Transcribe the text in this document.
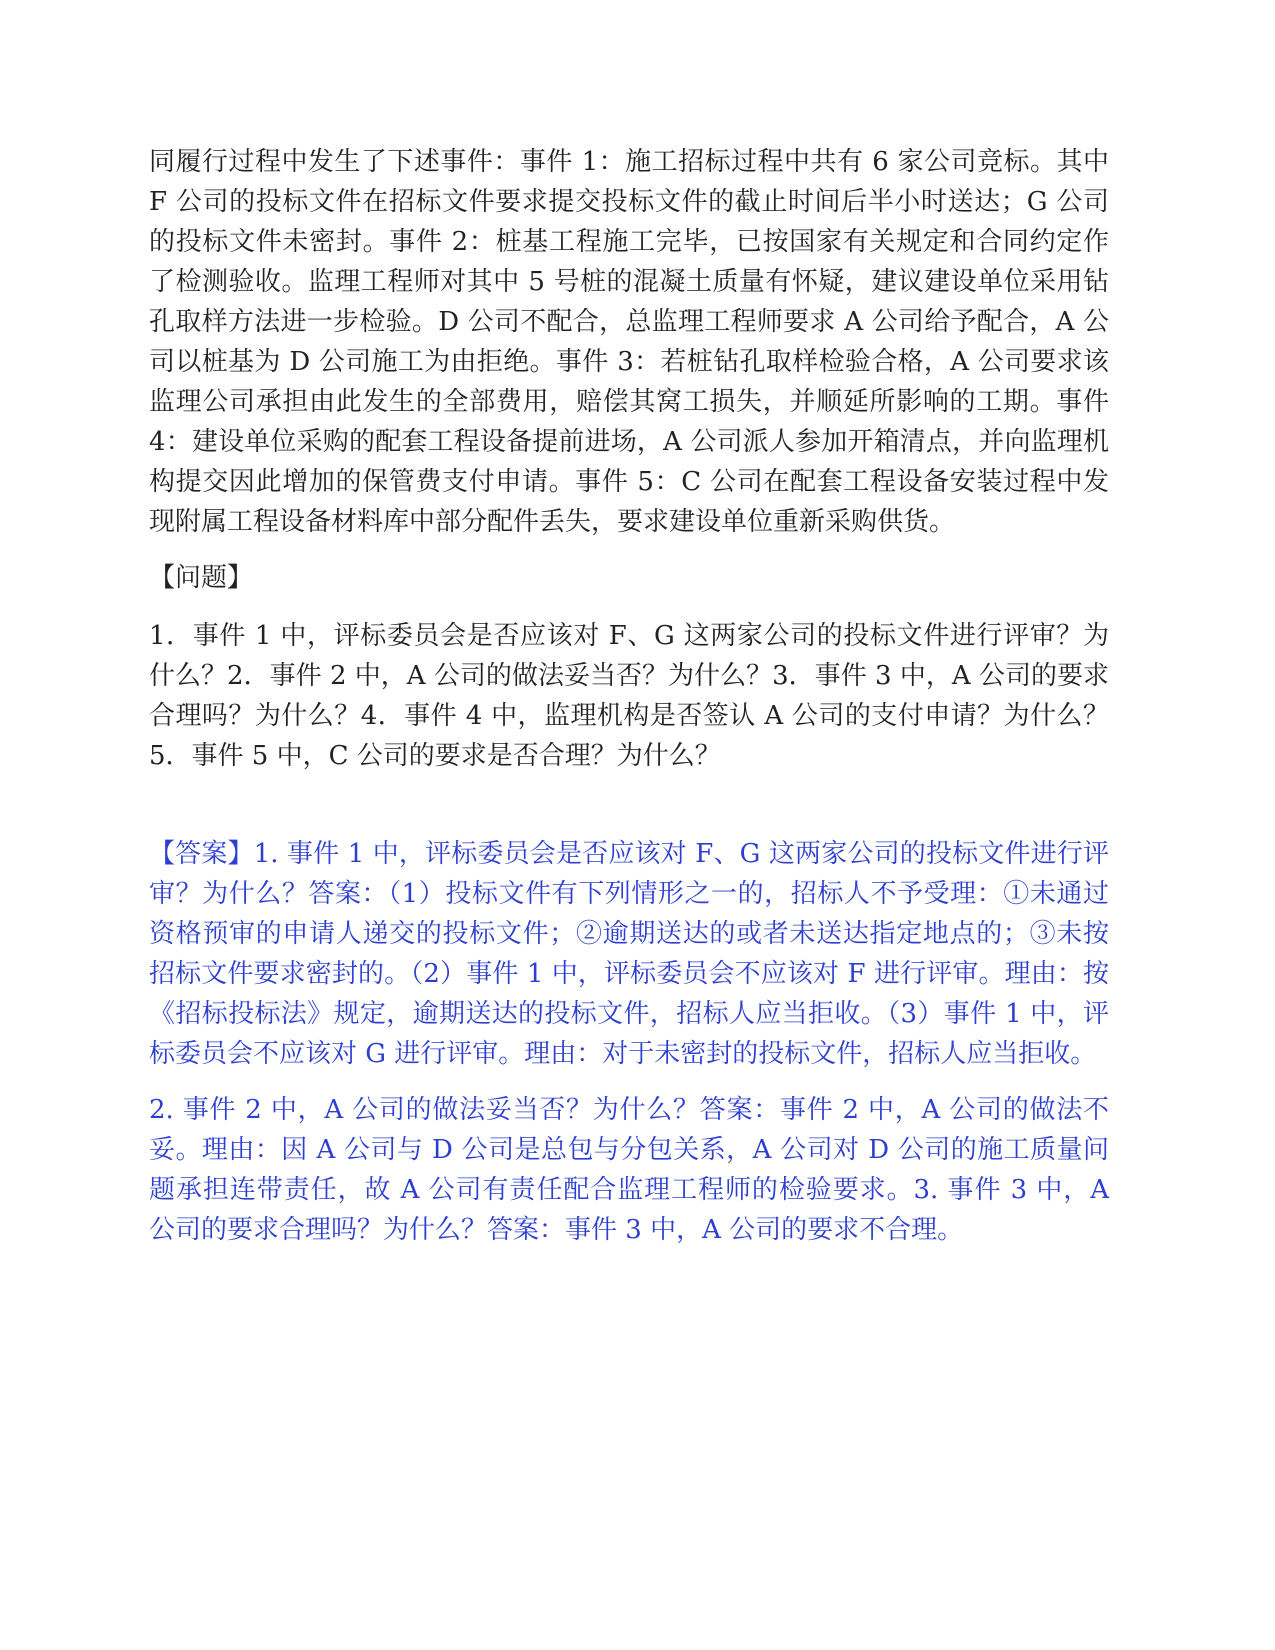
同履行过程中发生了下述事件：事件 1：施工招标过程中共有 6 家公司竞标。其中 F 公司的投标文件在招标文件要求提交投标文件的截止时间后半小时送达；G 公司的投标文件未密封。事件 2：桩基工程施工完毕，已按国家有关规定和合同约定作了检测验收。监理工程师对其中 5 号桩的混凝土质量有怀疑，建议建设单位采用钻孔取样方法进一步检验。D 公司不配合，总监理工程师要求 A 公司给予配合，A 公司以桩基为 D 公司施工为由拒绝。事件 3：若桩钻孔取样检验合格，A 公司要求该监理公司承担由此发生的全部费用，赔偿其窝工损失，并顺延所影响的工期。事件 4：建设单位采购的配套工程设备提前进场，A 公司派人参加开箱清点，并向监理机构提交因此增加的保管费支付申请。事件 5：C 公司在配套工程设备安装过程中发现附属工程设备材料库中部分配件丢失，要求建设单位重新采购供货。

【问题】

1．事件 1 中，评标委员会是否应该对 F、G 这两家公司的投标文件进行评审？为什么？2．事件 2 中，A 公司的做法妥当否？为什么？3．事件 3 中，A 公司的要求合理吗？为什么？4．事件 4 中，监理机构是否签认 A 公司的支付申请？为什么？5．事件 5 中，C 公司的要求是否合理？为什么？

【答案】1. 事件 1 中，评标委员会是否应该对 F、G 这两家公司的投标文件进行评审？为什么？答案：（1）投标文件有下列情形之一的，招标人不予受理：①未通过资格预审的申请人递交的投标文件；②逾期送达的或者未送达指定地点的；③未按招标文件要求密封的。（2）事件 1 中，评标委员会不应该对 F 进行评审。理由：按《招标投标法》规定，逾期送达的投标文件，招标人应当拒收。（3）事件 1 中，评标委员会不应该对 G 进行评审。理由：对于未密封的投标文件，招标人应当拒收。

2. 事件 2 中，A 公司的做法妥当否？为什么？答案：事件 2 中，A 公司的做法不妥。理由：因 A 公司与 D 公司是总包与分包关系，A 公司对 D 公司的施工质量问题承担连带责任，故 A 公司有责任配合监理工程师的检验要求。3. 事件 3 中，A 公司的要求合理吗？为什么？答案：事件 3 中，A 公司的要求不合理。
